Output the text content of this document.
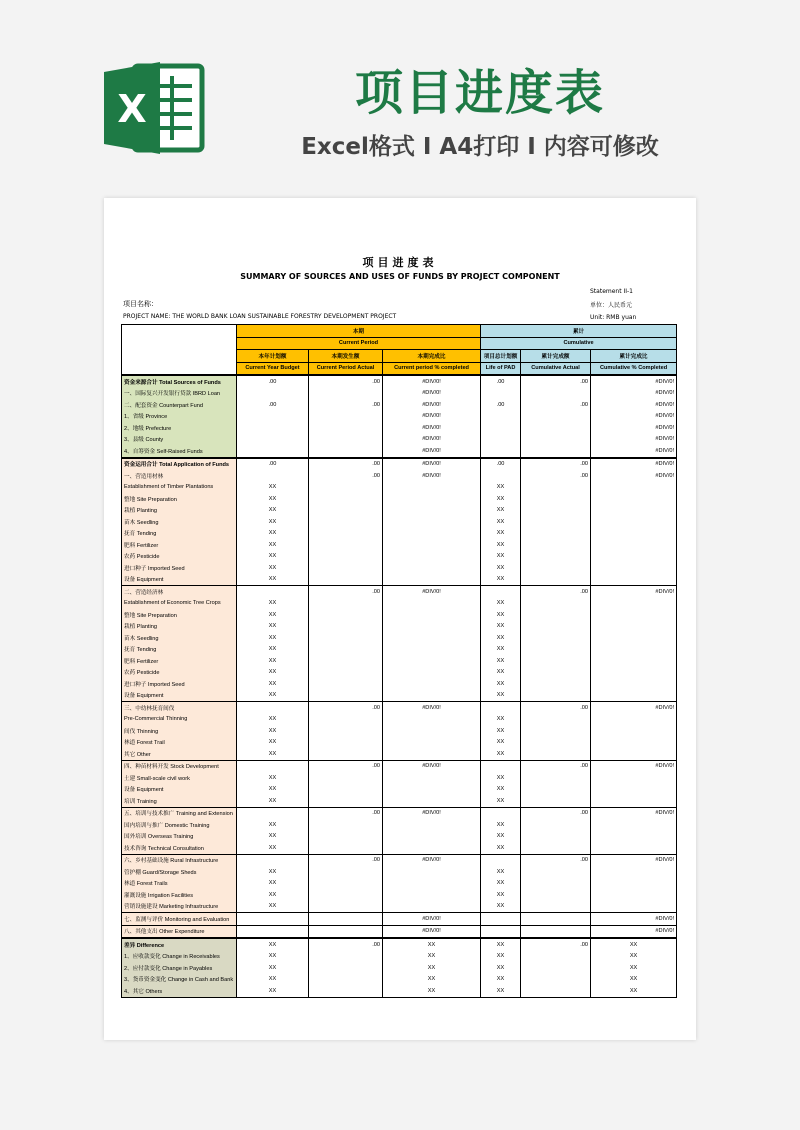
X	项目进度表
Excel格式 I A4打印 I 内容可修改
项目进度表
SUMMARY OF SOURCES AND USES OF FUNDS BY PROJECT COMPONENT
Statement II-1
单位：人民币元
Unit: RMB yuan
项目名称：
PROJECT NAME: THE WORLD BANK LOAN SUSTAINABLE FORESTRY DEVELOPMENT PROJECT
	本期			累计		
	Current Period			Cumulative		
	本年计划额	本期发生额	本期完成比	项目总计划额	累计完成额	累计完成比
	Current Year Budget	Current Period Actual	Current period % completed	Life of PAD	Cumulative Actual	Cumulative % Completed
资金来源合计 Total Sources of Funds	.00	.00	#DIV/0!	.00	.00	#DIV/0!
一、国际复兴开发银行贷款 IBRD Loan			#DIV/0!			#DIV/0!
二、配套资金 Counterpart Fund	.00	.00	#DIV/0!	.00	.00	#DIV/0!
1、省级 Province			#DIV/0!			#DIV/0!
2、地级 Prefecture			#DIV/0!			#DIV/0!
3、县级 County			#DIV/0!			#DIV/0!
4、自筹资金 Self-Raised Funds			#DIV/0!			#DIV/0!
资金运用合计 Total Application of Funds	.00	.00	#DIV/0!	.00	.00	#DIV/0!
一、营造用材林		.00	#DIV/0!		.00	#DIV/0!
Establishment of Timber Plantations	XX			XX		
整地 Site Preparation	XX			XX		
栽植 Planting	XX			XX		
苗木 Seedling	XX			XX		
抚育 Tending	XX			XX		
肥料 Fertilizer	XX			XX		
农药 Pesticide	XX			XX		
进口种子 Imported Seed	XX			XX		
设备 Equipment	XX			XX		
二、营造经济林		.00	#DIV/0!		.00	#DIV/0!
Establishment of Economic Tree Crops	XX			XX		
整地 Site Preparation	XX			XX		
栽植 Planting	XX			XX		
苗木 Seedling	XX			XX		
抚育 Tending	XX			XX		
肥料 Fertilizer	XX			XX		
农药 Pesticide	XX			XX		
进口种子 Imported Seed	XX			XX		
设备 Equipment	XX			XX		
三、中幼林抚育间伐		.00	#DIV/0!		.00	#DIV/0!
Pre-Commercial Thinning	XX			XX		
间伐 Thinning	XX			XX		
林道 Forest Trail	XX			XX		
其它 Other	XX			XX		
四、种苗材料开发 Stock Development		.00	#DIV/0!		.00	#DIV/0!
土建 Small-scale civil work	XX			XX		
设备 Equipment	XX			XX		
培训 Training	XX			XX		
五、培训与技术推广 Training and Extension		.00	#DIV/0!		.00	#DIV/0!
国内培训与推广 Domestic Training	XX			XX		
国外培训 Overseas Training	XX			XX		
技术咨询 Technical Consultation	XX			XX		
六、乡村基础设施 Rural Infrastructure		.00	#DIV/0!		.00	#DIV/0!
管护棚 Guard/Storage Sheds	XX			XX		
林道 Forest Trails	XX			XX		
灌溉设施 Irrigation Facilities	XX			XX		
营销设施建设 Marketing Infrastructure	XX			XX		
七、监测与评价 Monitoring and Evaluation			#DIV/0!			#DIV/0!
八、其他支出 Other Expenditure			#DIV/0!			#DIV/0!
差异 Difference	XX	.00	XX	XX	.00	XX
1、应收款变化 Change in Receivables	XX		XX	XX		XX
2、应付款变化 Change in Payables	XX		XX	XX		XX
3、货币资金变化 Change in Cash and Bank	XX		XX	XX		XX
4、其它 Others	XX		XX	XX		XX
